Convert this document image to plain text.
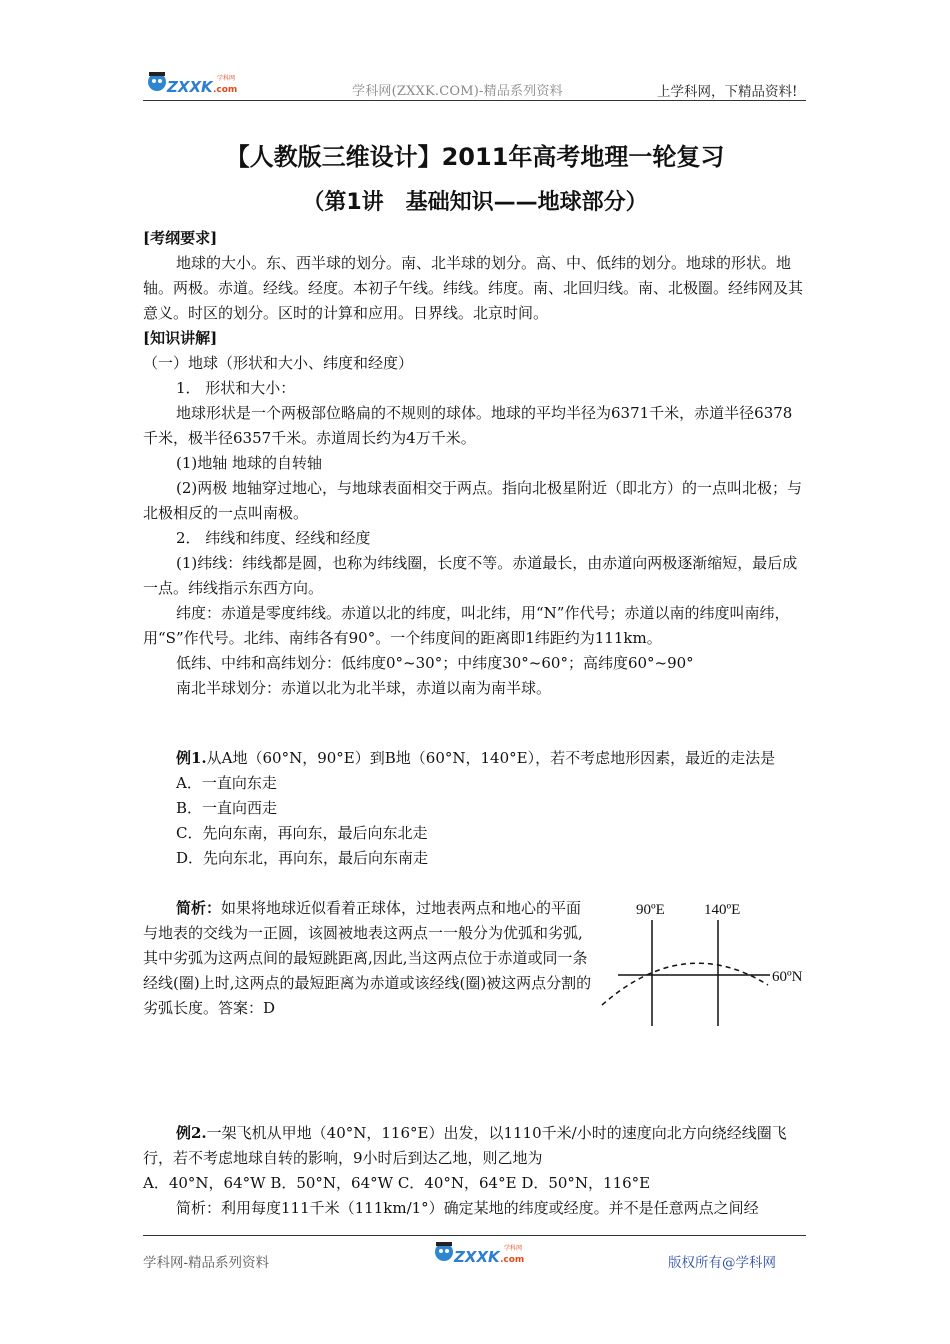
ZXXK .com
学科网
学科网(ZXXK.COM)-精品系列资料	上学科网，下精品资料!
【人教版三维设计】2011年高考地理一轮复习
（第1讲　基础知识——地球部分）

[考纲要求]

地球的大小。东、西半球的划分。南、北半球的划分。高、中、低纬的划分。地球的形状。地轴。两极。赤道。经线。经度。本初子午线。纬线。纬度。南、北回归线。南、北极圈。经纬网及其意义。时区的划分。区时的计算和应用。日界线。北京时间。

[知识讲解]

（一）地球（形状和大小、纬度和经度）

1． 形状和大小：

地球形状是一个两极部位略扁的不规则的球体。地球的平均半径为6371千米，赤道半径6378千米，极半径6357千米。赤道周长约为4万千米。

(1)地轴 地球的自转轴

(2)两极 地轴穿过地心，与地球表面相交于两点。指向北极星附近（即北方）的一点叫北极；与北极相反的一点叫南极。

2． 纬线和纬度、经线和经度

(1)纬线：纬线都是圆，也称为纬线圈，长度不等。赤道最长，由赤道向两极逐渐缩短，最后成一点。纬线指示东西方向。

纬度：赤道是零度纬线。赤道以北的纬度，叫北纬，用“N”作代号；赤道以南的纬度叫南纬，用“S”作代号。北纬、南纬各有90°。一个纬度间的距离即1纬距约为111km。

低纬、中纬和高纬划分：低纬度0°~30°；中纬度30°~60°；高纬度60°~90°

南北半球划分：赤道以北为北半球，赤道以南为南半球。

例1.从A地（60°N，90°E）到B地（60°N，140°E），若不考虑地形因素，最近的走法是

A．一直向东走

B．一直向西走

C．先向东南，再向东，最后向东北走

D．先向东北，再向东，最后向东南走

简析：如果将地球近似看着正球体，过地表两点和地心的平面与地表的交线为一正圆，该圆被地表这两点一一般分为优弧和劣弧,其中劣弧为这两点间的最短跳距离,因此,当这两点位于赤道或同一条经线(圈)上时,这两点的最短距离为赤道或该经线(圈)被这两点分割的劣弧长度。答案：D

90ºE	140ºE
60ºN

例2.一架飞机从甲地（40°N，116°E）出发，以1110千米/小时的速度向北方向绕经线圈飞行，若不考虑地球自转的影响，9小时后到达乙地，则乙地为

A．40°N，64°W B．50°N，64°W C．40°N，64°E D．50°N，116°E

简析：利用每度111千米（111km/1°）确定某地的纬度或经度。并不是任意两点之间经

学科网-精品系列资料	ZXXK .com
学科网
版权所有@学科网
